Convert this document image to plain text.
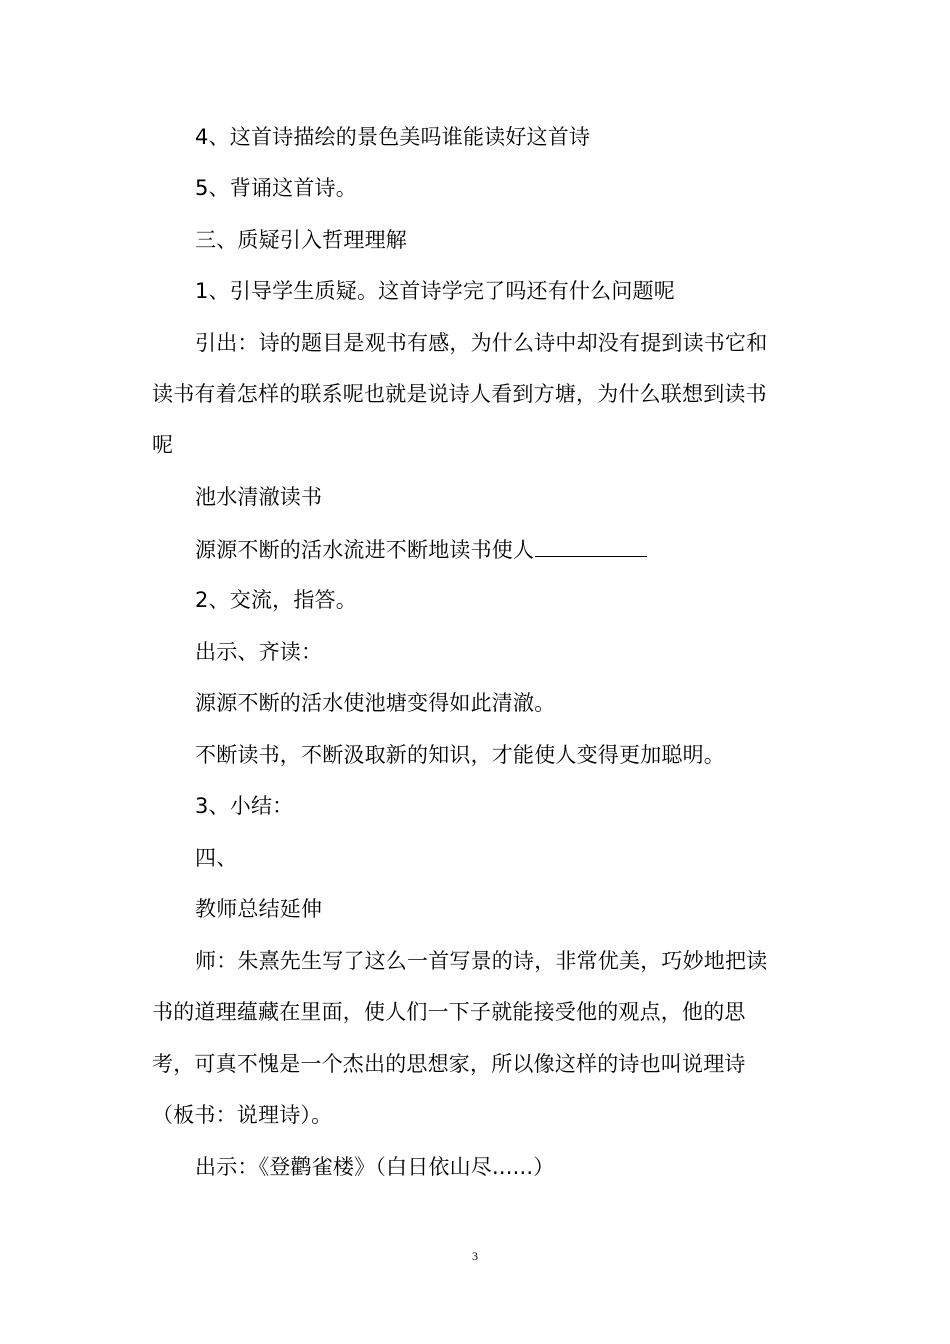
4、这首诗描绘的景色美吗谁能读好这首诗
5、背诵这首诗。
三、质疑引入哲理理解
1、引导学生质疑。这首诗学完了吗还有什么问题呢
引出：诗的题目是观书有感，为什么诗中却没有提到读书它和
读书有着怎样的联系呢也就是说诗人看到方塘，为什么联想到读书
呢
池水清澈读书
源源不断的活水流进不断地读书使人
2、交流，指答。
出示、齐读：
源源不断的活水使池塘变得如此清澈。
不断读书，不断汲取新的知识，才能使人变得更加聪明。
3、小结：
四、
教师总结延伸
师：朱熹先生写了这么一首写景的诗，非常优美，巧妙地把读
书的道理蕴藏在里面，使人们一下子就能接受他的观点，他的思
考，可真不愧是一个杰出的思想家，所以像这样的诗也叫说理诗
（板书：说理诗）。
出示：《登鹳雀楼》（白日依山尽......）
3
